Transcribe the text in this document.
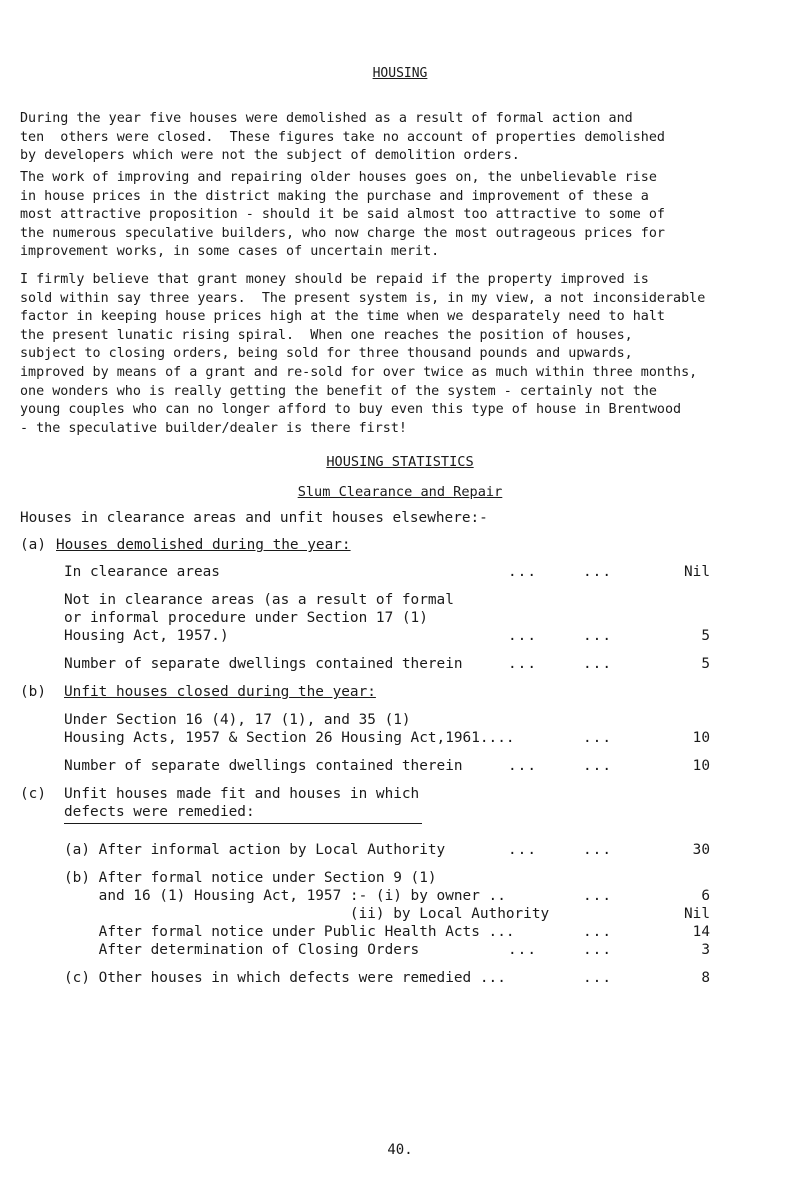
HOUSING
During the year five houses were demolished as a result of formal action and
ten  others were closed.  These figures take no account of properties demolished
by developers which were not the subject of demolition orders.
The work of improving and repairing older houses goes on, the unbelievable rise
in house prices in the district making the purchase and improvement of these a
most attractive proposition - should it be said almost too attractive to some of
the numerous speculative builders, who now charge the most outrageous prices for
improvement works, in some cases of uncertain merit.
I firmly believe that grant money should be repaid if the property improved is
sold within say three years.  The present system is, in my view, a not inconsiderable
factor in keeping house prices high at the time when we desparately need to halt
the present lunatic rising spiral.  When one reaches the position of houses,
subject to closing orders, being sold for three thousand pounds and upwards,
improved by means of a grant and re-sold for over twice as much within three months,
one wonders who is really getting the benefit of the system - certainly not the
young couples who can no longer afford to buy even this type of house in Brentwood
- the speculative builder/dealer is there first!
HOUSING STATISTICS
Slum Clearance and Repair
Houses in clearance areas and unfit houses elsewhere:-
(a) Houses demolished during the year:
In clearance areas	...	...	Nil
Not in clearance areas (as a result of formal
or informal procedure under Section 17 (1)
Housing Act, 1957.)	...	...	5
Number of separate dwellings contained therein	...	...	5
(b) Unfit houses closed during the year:
Under Section 16 (4), 17 (1), and 35 (1)
Housing Acts, 1957 & Section 26 Housing Act,1961....	...	10
Number of separate dwellings contained therein	...	...	10
(c) Unfit houses made fit and houses in which
defects were remedied:
(a) After informal action by Local Authority	...	...	30
(b) After formal notice under Section 9 (1)
and 16 (1) Housing Act, 1957 :- (i) by owner ..	...	6
(ii) by Local Authority	Nil
After formal notice under Public Health Acts ...	...	14
After determination of Closing Orders	...	...	3
(c) Other houses in which defects were remedied ...	...	8
40.
